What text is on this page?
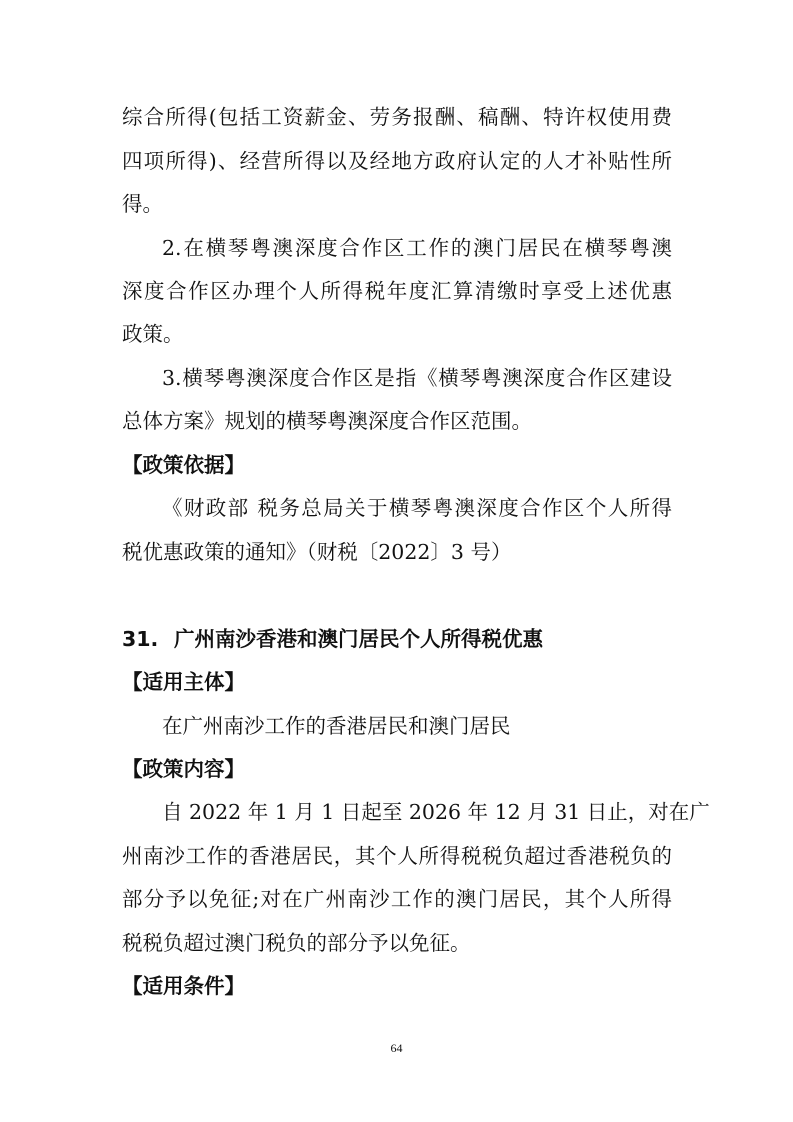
综合所得(包括工资薪金、劳务报酬、稿酬、特许权使用费
四项所得)、经营所得以及经地方政府认定的人才补贴性所
得。
2.在横琴粤澳深度合作区工作的澳门居民在横琴粤澳
深度合作区办理个人所得税年度汇算清缴时享受上述优惠
政策。
3.横琴粤澳深度合作区是指《横琴粤澳深度合作区建设
总体方案》规划的横琴粤澳深度合作区范围。
【政策依据】
《财政部 税务总局关于横琴粤澳深度合作区个人所得
税优惠政策的通知》（财税〔2022〕3 号）
31. 广州南沙香港和澳门居民个人所得税优惠
【适用主体】
在广州南沙工作的香港居民和澳门居民
【政策内容】
自 2022 年 1 月 1 日起至 2026 年 12 月 31 日止，对在广
州南沙工作的香港居民，其个人所得税税负超过香港税负的
部分予以免征;对在广州南沙工作的澳门居民，其个人所得
税税负超过澳门税负的部分予以免征。
【适用条件】
64
